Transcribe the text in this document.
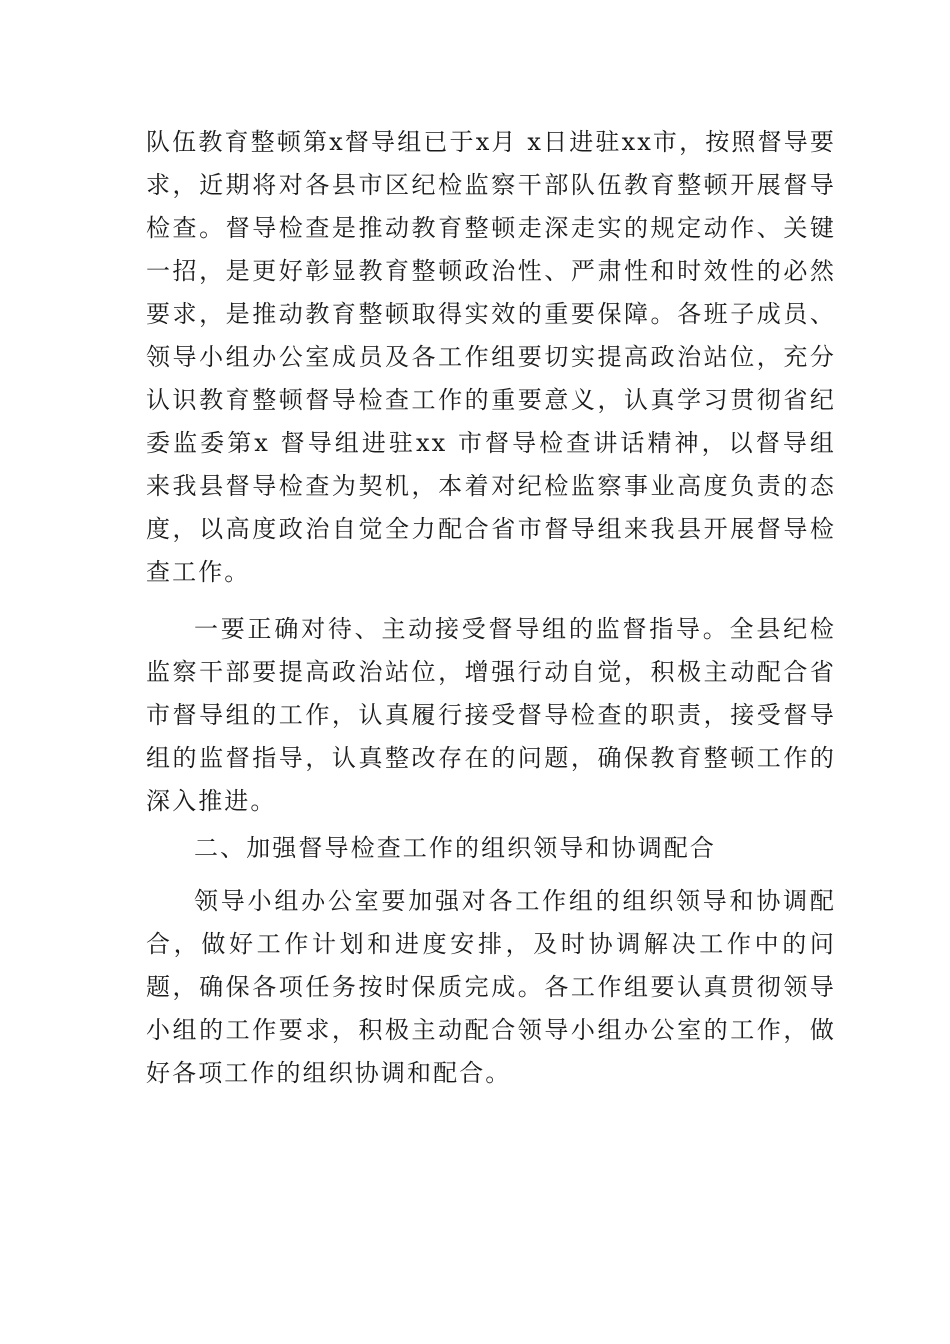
队伍教育整顿第x督导组已于x月 x日进驻xx市，按照督导要求，近期将对各县市区纪检监察干部队伍教育整顿开展督导检查。督导检查是推动教育整顿走深走实的规定动作、关键一招，是更好彰显教育整顿政治性、严肃性和时效性的必然要求，是推动教育整顿取得实效的重要保障。各班子成员、领导小组办公室成员及各工作组要切实提高政治站位，充分认识教育整顿督导检查工作的重要意义，认真学习贯彻省纪委监委第x 督导组进驻xx 市督导检查讲话精神，以督导组来我县督导检查为契机，本着对纪检监察事业高度负责的态度，以高度政治自觉全力配合省市督导组来我县开展督导检查工作。

一要正确对待、主动接受督导组的监督指导。全县纪检监察干部要提高政治站位，增强行动自觉，积极主动配合省市督导组的工作，认真履行接受督导检查的职责，接受督导组的监督指导，认真整改存在的问题，确保教育整顿工作的深入推进。

二、加强督导检查工作的组织领导和协调配合

领导小组办公室要加强对各工作组的组织领导和协调配合，做好工作计划和进度安排，及时协调解决工作中的问题，确保各项任务按时保质完成。各工作组要认真贯彻领导小组的工作要求，积极主动配合领导小组办公室的工作，做好各项工作的组织协调和配合。
